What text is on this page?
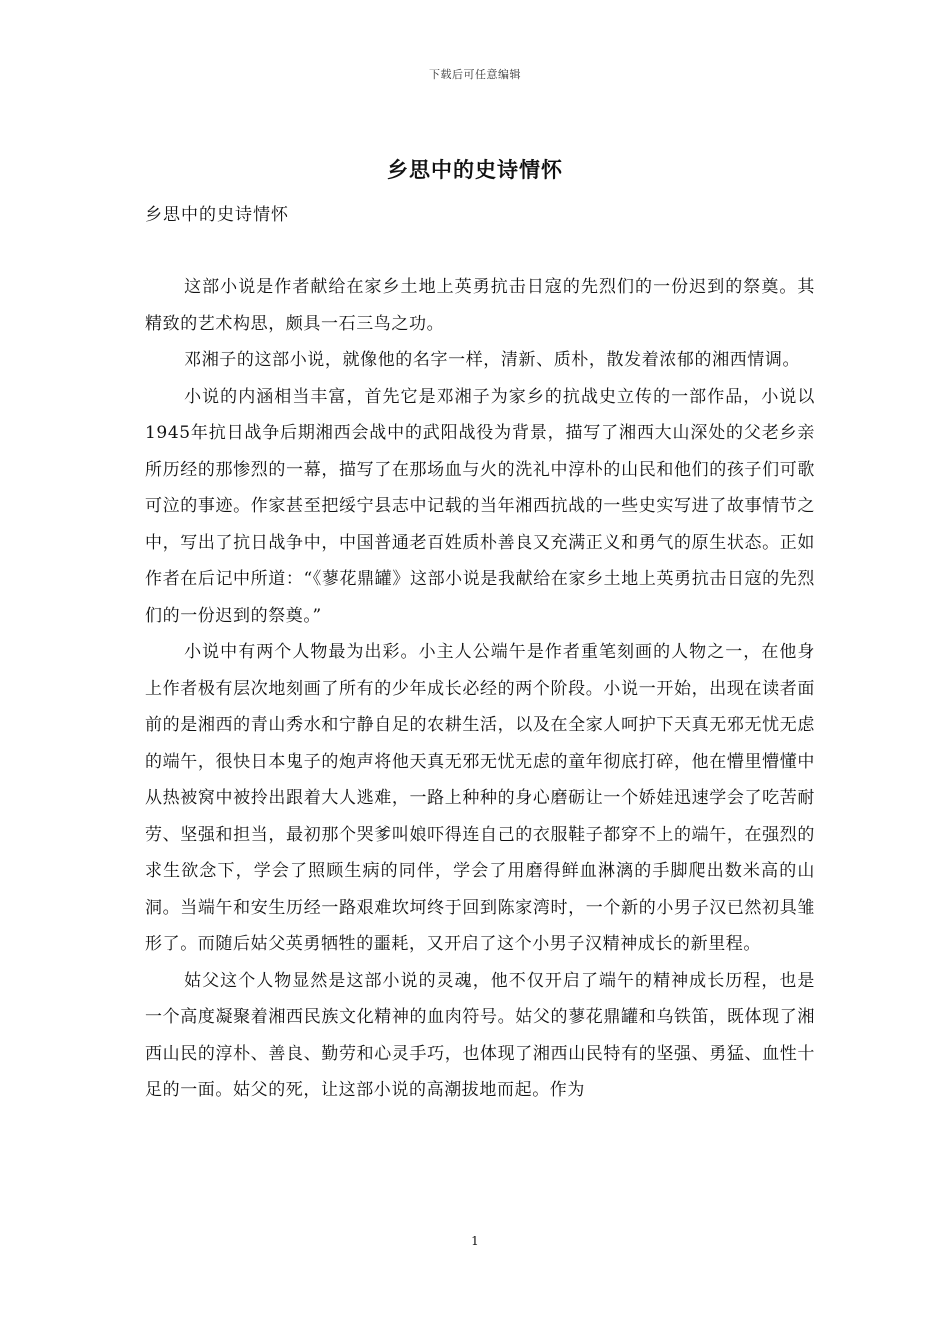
下载后可任意编辑
乡思中的史诗情怀
乡思中的史诗情怀

这部小说是作者献给在家乡土地上英勇抗击日寇的先烈们的一份迟到的祭奠。其精致的艺术构思，颇具一石三鸟之功。

邓湘子的这部小说，就像他的名字一样，清新、质朴，散发着浓郁的湘西情调。

小说的内涵相当丰富，首先它是邓湘子为家乡的抗战史立传的一部作品，小说以1945年抗日战争后期湘西会战中的武阳战役为背景，描写了湘西大山深处的父老乡亲所历经的那惨烈的一幕，描写了在那场血与火的洗礼中淳朴的山民和他们的孩子们可歌可泣的事迹。作家甚至把绥宁县志中记载的当年湘西抗战的一些史实写进了故事情节之中，写出了抗日战争中，中国普通老百姓质朴善良又充满正义和勇气的原生状态。正如作者在后记中所道：“《蓼花鼎罐》这部小说是我献给在家乡土地上英勇抗击日寇的先烈们的一份迟到的祭奠。”

小说中有两个人物最为出彩。小主人公端午是作者重笔刻画的人物之一，在他身上作者极有层次地刻画了所有的少年成长必经的两个阶段。小说一开始，出现在读者面前的是湘西的青山秀水和宁静自足的农耕生活，以及在全家人呵护下天真无邪无忧无虑的端午，很快日本鬼子的炮声将他天真无邪无忧无虑的童年彻底打碎，他在懵里懵懂中从热被窝中被拎出跟着大人逃难，一路上种种的身心磨砺让一个娇娃迅速学会了吃苦耐劳、坚强和担当，最初那个哭爹叫娘吓得连自己的衣服鞋子都穿不上的端午，在强烈的求生欲念下，学会了照顾生病的同伴，学会了用磨得鲜血淋漓的手脚爬出数米高的山洞。当端午和安生历经一路艰难坎坷终于回到陈家湾时，一个新的小男子汉已然初具雏形了。而随后姑父英勇牺牲的噩耗，又开启了这个小男子汉精神成长的新里程。

姑父这个人物显然是这部小说的灵魂，他不仅开启了端午的精神成长历程，也是一个高度凝聚着湘西民族文化精神的血肉符号。姑父的蓼花鼎罐和乌铁笛，既体现了湘西山民的淳朴、善良、勤劳和心灵手巧，也体现了湘西山民特有的坚强、勇猛、血性十足的一面。姑父的死，让这部小说的高潮拔地而起。作为

1
